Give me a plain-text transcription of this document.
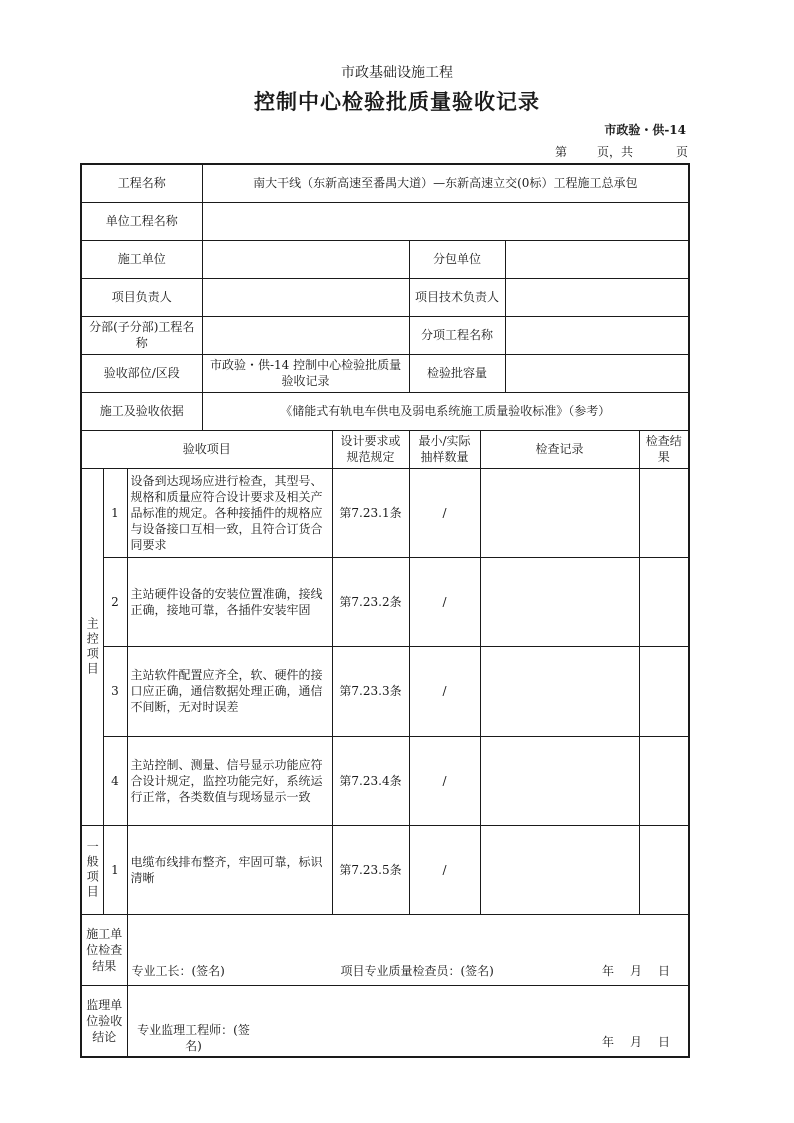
市政基础设施工程
控制中心检验批质量验收记录
市政验・供-14
第 页，共	页
工程名称			南大干线（东新高速至番禺大道）—东新高速立交(0标）工程施工总承包					
单位工程名称								
施工单位					分包单位			
项目负责人					项目技术负责人			
分部(子分部)工程名称					分项工程名称			
验收部位/区段			市政验・供-14 控制中心检验批质量验收记录		检验批容量			
施工及验收依据			《储能式有轨电车供电及弱电系统施工质量验收标准》（参考）					
验收项目				设计要求或规范规定	最小/实际抽样数量	检查记录		检查结果

主控项目	1	设备到达现场应进行检查，其型号、规格和质量应符合设计要求及相关产品标准的规定。各种接插件的规格应与设备接口互相一致，且符合订货合同要求		第7.23.1条	/			
	2	主站硬件设备的安装位置准确，接线正确，接地可靠，各插件安装牢固		第7.23.2条	/			
	3	主站软件配置应齐全，软、硬件的接口应正确，通信数据处理正确，通信不间断，无对时误差		第7.23.3条	/			
	4	主站控制、测量、信号显示功能应符合设计规定，监控功能完好，系统运行正常，各类数值与现场显示一致		第7.23.4条	/			

一般项目	1	电缆布线排布整齐，牢固可靠，标识清晰		第7.23.5条	/			
施工单位检查结果		专业工长：(签名) 项目专业质量检查员：(签名) 年　月　日						

监理单位验收结论		专业监理工程师：(签名) 年　月　日						
